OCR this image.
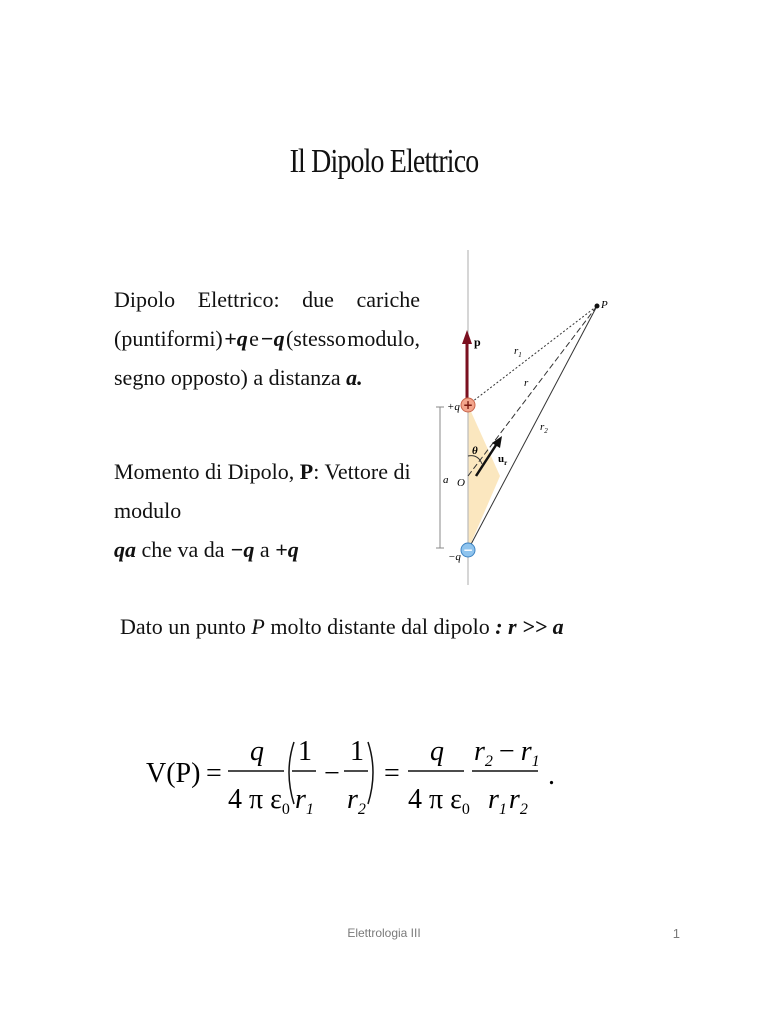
Il Dipolo Elettrico
Dipolo Elettrico: due cariche
(puntiformi) +q e −q (stesso modulo,
segno opposto) a distanza a.
Momento di Dipolo, P: Vettore di modulo
qa che va da −q a +q
+
−
P
p
$r_1$
r
$r_2$
+q
−q
a O
θ
$u_r$
Dato un punto P molto distante dal dipolo : r >> a
V(P) =
q
4 π $\varepsilon_0$
1
$r_1$
−
1
$r_2$
=
q
4 π $\varepsilon_0$
$r_2 - r_1$
$r_1r_2$
.
Elettrologia III	1
